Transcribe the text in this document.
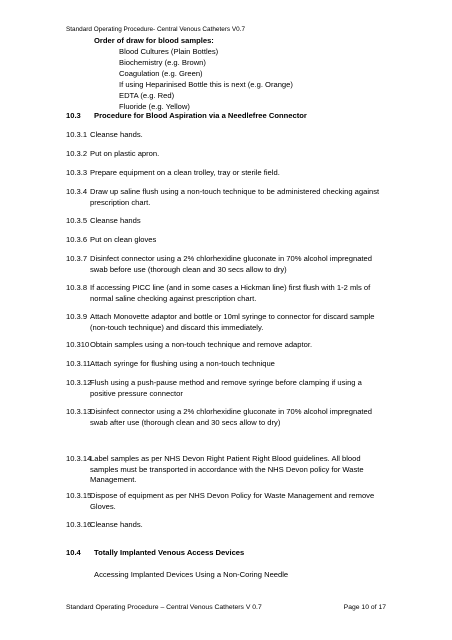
Standard Operating Procedure- Central Venous Catheters V0.7
Order of draw for blood samples:
Blood Cultures (Plain Bottles)
Biochemistry (e.g. Brown)
Coagulation (e.g. Green)
If using Heparinised Bottle this is next (e.g. Orange)
EDTA (e.g. Red)
Fluoride (e.g. Yellow)
10.3 Procedure for Blood Aspiration via a Needlefree Connector
10.3.1 Cleanse hands.
10.3.2 Put on plastic apron.
10.3.3 Prepare equipment on a clean trolley, tray or sterile field.
10.3.4 Draw up saline flush using a non-touch technique to be administered checking against
prescription chart.
10.3.5 Cleanse hands
10.3.6 Put on clean gloves
10.3.7 Disinfect connector using a 2% chlorhexidine gluconate in 70% alcohol impregnated
swab before use (thorough clean and 30 secs allow to dry)
10.3.8 If accessing PICC line (and in some cases a Hickman line) first flush with 1-2 mls of
normal saline checking against prescription chart.
10.3.9 Attach Monovette adaptor and bottle or 10ml syringe to connector for discard sample
(non-touch technique) and discard this immediately.
10.310Obtain samples using a non-touch technique and remove adaptor.
10.3.11Attach syringe for flushing using a non-touch technique
10.3.12Flush using a push-pause method and remove syringe before clamping if using a
positive pressure connector
10.3.13Disinfect connector using a 2% chlorhexidine gluconate in 70% alcohol impregnated
swab after use (thorough clean and 30 secs allow to dry)
10.3.14Label samples as per NHS Devon Right Patient Right Blood guidelines. All blood
samples must be transported in accordance with the NHS Devon policy for Waste
Management.
10.3.15Dispose of equipment as per NHS Devon Policy for Waste Management and remove
Gloves.
10.3.16Cleanse hands.
10.4 Totally Implanted Venous Access Devices
Accessing Implanted Devices Using a Non-Coring Needle
Standard Operating Procedure – Central Venous Catheters V 0.7	Page 10 of 17
